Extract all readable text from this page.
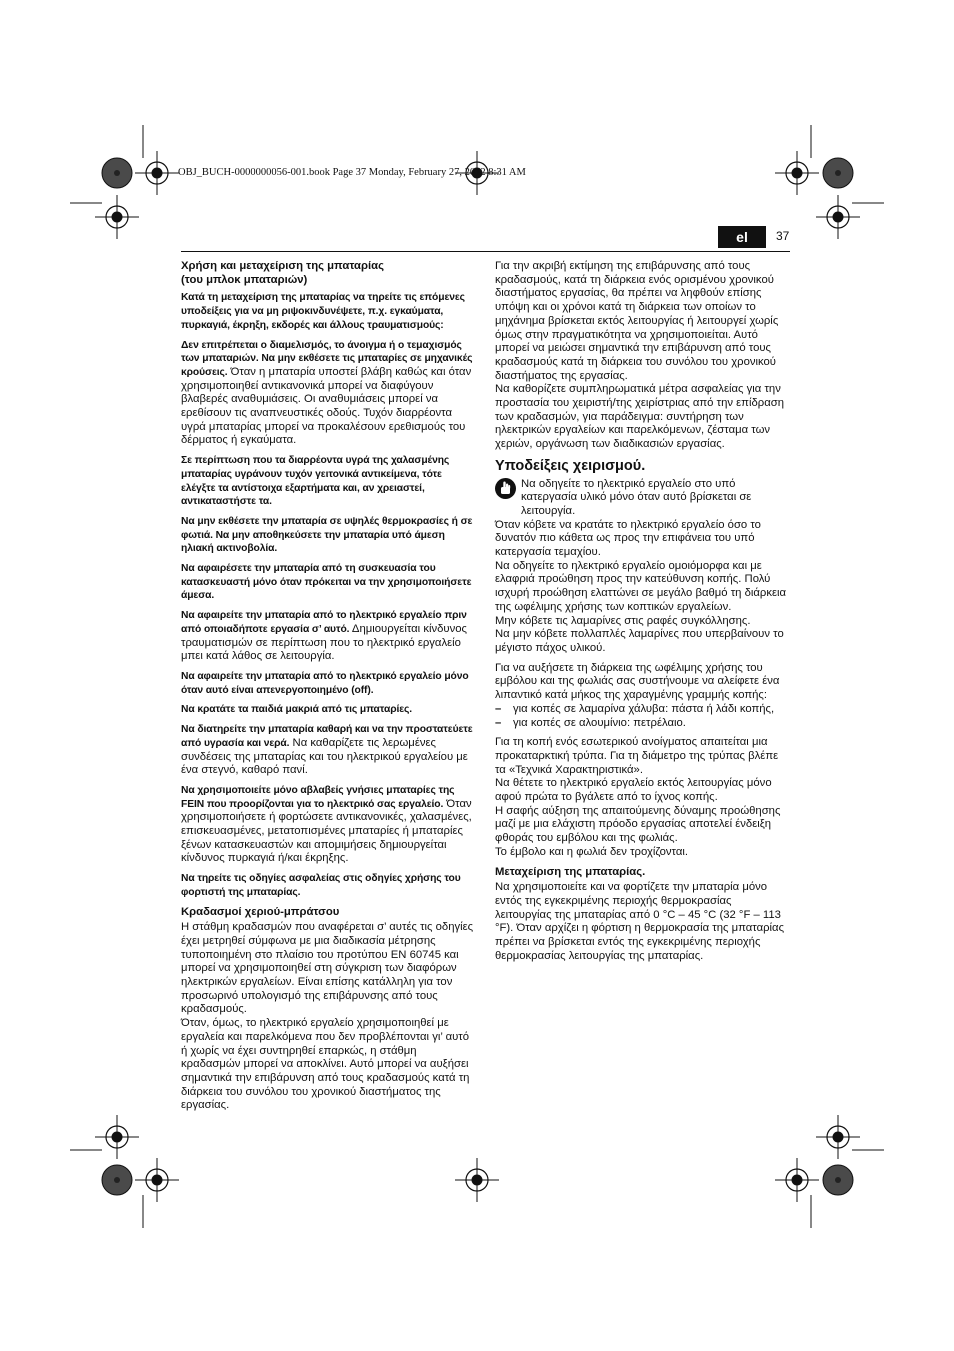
OBJ_BUCH-0000000056-001.book Page 37 Monday, February 27, 2012 8:31 AM
el	37
Χρήση και μεταχείριση της μπαταρίας
(του μπλοκ μπαταριών)

Κατά τη μεταχείριση της μπαταρίας να τηρείτε τις επόμενες υποδείξεις για να μη ριψοκινδυνέψετε, π.χ. εγκαύματα, πυρκαγιά, έκρηξη, εκδορές και άλλους τραυματισμούς:

Δεν επιτρέπεται ο διαμελισμός, το άνοιγμα ή ο τεμαχισμός των μπαταριών. Να μην εκθέσετε τις μπαταρίες σε μηχανικές κρούσεις. Όταν η μπαταρία υποστεί βλάβη καθώς και όταν χρησιμοποιηθεί αντικανονικά μπορεί να διαφύγουν βλαβερές αναθυμιάσεις. Οι αναθυμιάσεις μπορεί να ερεθίσουν τις αναπνευστικές οδούς. Τυχόν διαρρέοντα υγρά μπαταρίας μπορεί να προκαλέσουν ερεθισμούς του δέρματος ή εγκαύματα.

Σε περίπτωση που τα διαρρέοντα υγρά της χαλασμένης μπαταρίας υγράνουν τυχόν γειτονικά αντικείμενα, τότε ελέγξτε τα αντίστοιχα εξαρτήματα και, αν χρειαστεί, αντικαταστήστε τα.

Να μην εκθέσετε την μπαταρία σε υψηλές θερμοκρασίες ή σε φωτιά. Να μην αποθηκεύσετε την μπαταρία υπό άμεση ηλιακή ακτινοβολία.

Να αφαιρέσετε την μπαταρία από τη συσκευασία του κατασκευαστή μόνο όταν πρόκειται να την χρησιμοποιήσετε άμεσα.

Να αφαιρείτε την μπαταρία από το ηλεκτρικό εργαλείο πριν από οποιαδήποτε εργασία σ’ αυτό. Δημιουργείται κίνδυνος τραυματισμών σε περίπτωση που το ηλεκτρικό εργαλείο μπει κατά λάθος σε λειτουργία.

Να αφαιρείτε την μπαταρία από το ηλεκτρικό εργαλείο μόνο όταν αυτό είναι απενεργοποιημένο (off).

Να κρατάτε τα παιδιά μακριά από τις μπαταρίες.

Να διατηρείτε την μπαταρία καθαρή και να την προστατεύετε από υγρασία και νερά. Να καθαρίζετε τις λερωμένες συνδέσεις της μπαταρίας και του ηλεκτρικού εργαλείου με ένα στεγνό, καθαρό πανί.

Να χρησιμοποιείτε μόνο αβλαβείς γνήσιες μπαταρίες της FEIN που προορίζονται για το ηλεκτρικό σας εργαλείο. Όταν χρησιμοποιήσετε ή φορτώσετε αντικανονικές, χαλασμένες, επισκευασμένες, μετατοπισμένες μπαταρίες ή μπαταρίες ξένων κατασκευαστών και απομιμήσεις δημιουργείται κίνδυνος πυρκαγιά ή/και έκρηξης.

Να τηρείτε τις οδηγίες ασφαλείας στις οδηγίες χρήσης του φορτιστή της μπαταρίας.

Κραδασμοί χεριού-μπράτσου

Η στάθμη κραδασμών που αναφέρεται σ’ αυτές τις οδηγίες έχει μετρηθεί σύμφωνα με μια διαδικασία μέτρησης τυποποιημένη στο πλαίσιο του προτύπου EN 60745 και μπορεί να χρησιμοποιηθεί στη σύγκριση των διαφόρων ηλεκτρικών εργαλείων. Είναι επίσης κατάλληλη για τον προσωρινό υπολογισμό της επιβάρυνσης από τους κραδασμούς.

Όταν, όμως, το ηλεκτρικό εργαλείο χρησιμοποιηθεί με εργαλεία και παρελκόμενα που δεν προβλέπονται γι’ αυτό ή χωρίς να έχει συντηρηθεί επαρκώς, η στάθμη κραδασμών μπορεί να αποκλίνει. Αυτό μπορεί να αυξήσει σημαντικά την επιβάρυνση από τους κραδασμούς κατά τη διάρκεια του συνόλου του χρονικού διαστήματος της εργασίας.

Για την ακριβή εκτίμηση της επιβάρυνσης από τους κραδασμούς, κατά τη διάρκεια ενός ορισμένου χρονικού διαστήματος εργασίας, θα πρέπει να ληφθούν επίσης υπόψη και οι χρόνοι κατά τη διάρκεια των οποίων το μηχάνημα βρίσκεται εκτός λειτουργίας ή λειτουργεί χωρίς όμως στην πραγματικότητα να χρησιμοποιείται. Αυτό μπορεί να μειώσει σημαντικά την επιβάρυνση από τους κραδασμούς κατά τη διάρκεια του συνόλου του χρονικού διαστήματος της εργασίας.

Να καθορίζετε συμπληρωματικά μέτρα ασφαλείας για την προστασία του χειριστή/της χειρίστριας από την επίδραση των κραδασμών, για παράδειγμα: συντήρηση των ηλεκτρικών εργαλείων και παρελκόμενων, ζέσταμα των χεριών, οργάνωση των διαδικασιών εργασίας.

Υποδείξεις χειρισμού.
Να οδηγείτε το ηλεκτρικό εργαλείο στο υπό κατεργασία υλικό μόνο όταν αυτό βρίσκεται σε λειτουργία.

Όταν κόβετε να κρατάτε το ηλεκτρικό εργαλείο όσο το δυνατόν πιο κάθετα ως προς την επιφάνεια του υπό κατεργασία τεμαχίου.

Να οδηγείτε το ηλεκτρικό εργαλείο ομοιόμορφα και με ελαφριά προώθηση προς την κατεύθυνση κοπής. Πολύ ισχυρή προώθηση ελαττώνει σε μεγάλο βαθμό τη διάρκεια της ωφέλιμης χρήσης των κοπτικών εργαλείων.

Μην κόβετε τις λαμαρίνες στις ραφές συγκόλλησης.

Να μην κόβετε πολλαπλές λαμαρίνες που υπερβαίνουν το μέγιστο πάχος υλικού.

Για να αυξήσετε τη διάρκεια της ωφέλιμης χρήσης του εμβόλου και της φωλιάς σας συστήνουμε να αλείφετε ένα λιπαντικό κατά μήκος της χαραγμένης γραμμής κοπής:

–	για κοπές σε λαμαρίνα χάλυβα: πάστα ή λάδι κοπής,
–	για κοπές σε αλουμίνιο: πετρέλαιο.

Για τη κοπή ενός εσωτερικού ανοίγματος απαιτείται μια προκαταρκτική τρύπα. Για τη διάμετρο της τρύπας βλέπε τα «Τεχνικά Χαρακτηριστικά».

Να θέτετε το ηλεκτρικό εργαλείο εκτός λειτουργίας μόνο αφού πρώτα το βγάλετε από το ίχνος κοπής.

Η σαφής αύξηση της απαιτούμενης δύναμης προώθησης μαζί με μια ελάχιστη πρόοδο εργασίας αποτελεί ένδειξη φθοράς του εμβόλου και της φωλιάς.

Το έμβολο και η φωλιά δεν τροχίζονται.

Μεταχείριση της μπαταρίας.

Να χρησιμοποιείτε και να φορτίζετε την μπαταρία μόνο εντός της εγκεκριμένης περιοχής θερμοκρασίας λειτουργίας της μπαταρίας από 0 °C – 45 °C (32 °F – 113 °F). Όταν αρχίζει η φόρτιση η θερμοκρασία της μπαταρίας πρέπει να βρίσκεται εντός της εγκεκριμένης περιοχής θερμοκρασίας λειτουργίας της μπαταρίας.
